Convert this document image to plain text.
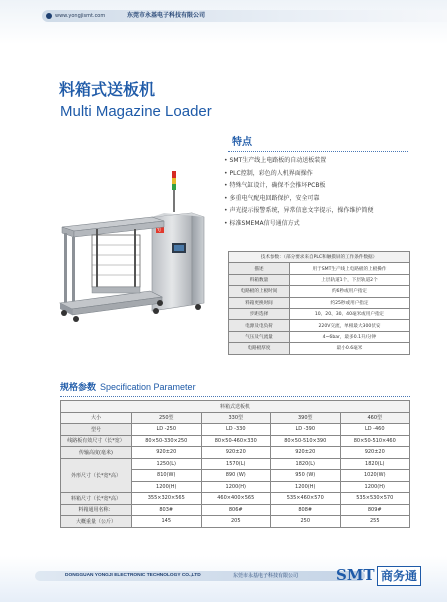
www.yongjismt.com	东莞市永基电子科技有限公司
料箱式送板机
Multi Magazine Loader
YJ
特点
• SMT生产线上电路板的自动送板装置
• PLC控制，彩色的人机界面操作
• 特殊气缸设计，确保不会推坏PCB板
• 多重电气配电回路保护，安全可靠
• 声光提示报警系统，异常信息文字提示，操作维护简便
• 标准SMEMA信号通信方式
技术参数：（部分要求来自PLC和触摸屏的工作条件数据）	
描述	用于SMT生产线上电路板的上板操作
料箱数量	上层轨道1个，下层轨道2个
电路板的上板时间	约6秒或用户指定
料箱更换时间	约25秒或用户指定
步距选择	10、20、30、40毫米或用户指定
电源及电负荷	220V交流，单相最大300伏安
气压及气流量	4~6bar，最多0.1升/分钟
电路板厚度	最小0.6毫米
规格参数 Specification Parameter
料箱式送板机				
大小	250型	330型	390型	460型
型号	LD -250	LD -330	LD -390	LD -460
线路板有效尺寸（长*宽）	80×50-330×250	80×50-460×330	80×50-510×390	80×50-510×460
传输高度(毫米)	920±20	920±20	920±20	920±20
外形尺寸（长*宽*高）	1250(L)	1570(L)	1820(L)	1820(L)
	810(W)	890 (W)	950 (W)	1020(W)
	1200(H)	1200(H)	1200(H)	1200(H)
料箱尺寸（长*宽*高）	355×320×565	460×400×565	535×460×570	535×530×570
料箱通用名称：	803#	806#	808#	809#
大概重量（公斤）	145	205	250	255
DONGGUAN YONGJI ELECTRONIC TECHNOLOGY CO.,LTD	东莞市永基电子科技有限公司	SMT 商务通
